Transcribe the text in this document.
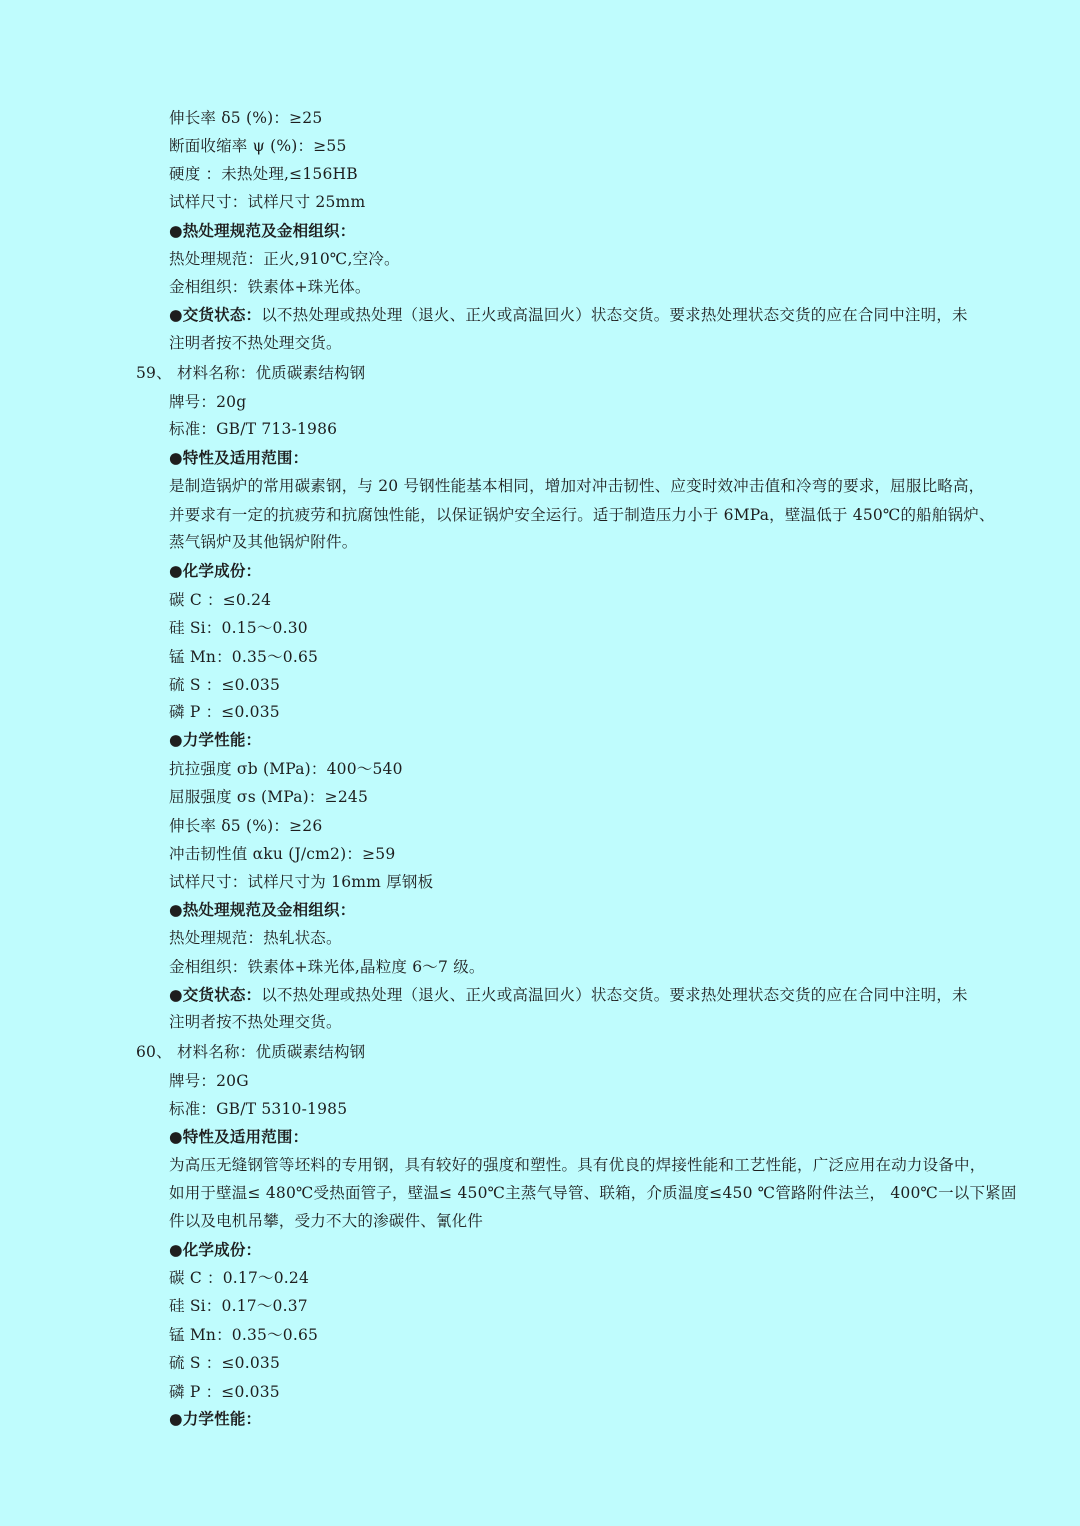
伸长率 δ5 (%)：≥25
断面收缩率 ψ (%)：≥55
硬度 ：未热处理,≤156HB
试样尺寸：试样尺寸 25mm
●热处理规范及金相组织：
热处理规范：正火,910℃,空冷。
金相组织：铁素体+珠光体。
●交货状态：以不热处理或热处理（退火、正火或高温回火）状态交货。要求热处理状态交货的应在合同中注明，未
注明者按不热处理交货。
59、 材料名称：优质碳素结构钢
牌号：20g
标准：GB/T 713-1986
●特性及适用范围：
是制造锅炉的常用碳素钢，与 20 号钢性能基本相同，增加对冲击韧性、应变时效冲击值和冷弯的要求，屈服比略高，
并要求有一定的抗疲劳和抗腐蚀性能，以保证锅炉安全运行。适于制造压力小于 6MPa，壁温低于 450℃的船舶锅炉、
蒸气锅炉及其他锅炉附件。
●化学成份：
碳 C ：≤0.24
硅 Si：0.15～0.30
锰 Mn：0.35～0.65
硫 S ：≤0.035
磷 P ：≤0.035
●力学性能：
抗拉强度 σb (MPa)：400～540
屈服强度 σs (MPa)：≥245
伸长率 δ5 (%)：≥26
冲击韧性值 αku (J/cm2)：≥59
试样尺寸：试样尺寸为 16mm 厚钢板
●热处理规范及金相组织：
热处理规范：热轧状态。
金相组织：铁素体+珠光体,晶粒度 6～7 级。
●交货状态：以不热处理或热处理（退火、正火或高温回火）状态交货。要求热处理状态交货的应在合同中注明，未
注明者按不热处理交货。
60、 材料名称：优质碳素结构钢
牌号：20G
标准：GB/T 5310-1985
●特性及适用范围：
为高压无缝钢管等坯料的专用钢，具有较好的强度和塑性。具有优良的焊接性能和工艺性能，广泛应用在动力设备中，
如用于壁温≤ 480℃受热面管子，壁温≤ 450℃主蒸气导管、联箱，介质温度≤450 ℃管路附件法兰， 400℃一以下紧固
件以及电机吊攀，受力不大的渗碳件、氰化件
●化学成份：
碳 C ：0.17～0.24
硅 Si：0.17～0.37
锰 Mn：0.35～0.65
硫 S ：≤0.035
磷 P ：≤0.035
●力学性能：
